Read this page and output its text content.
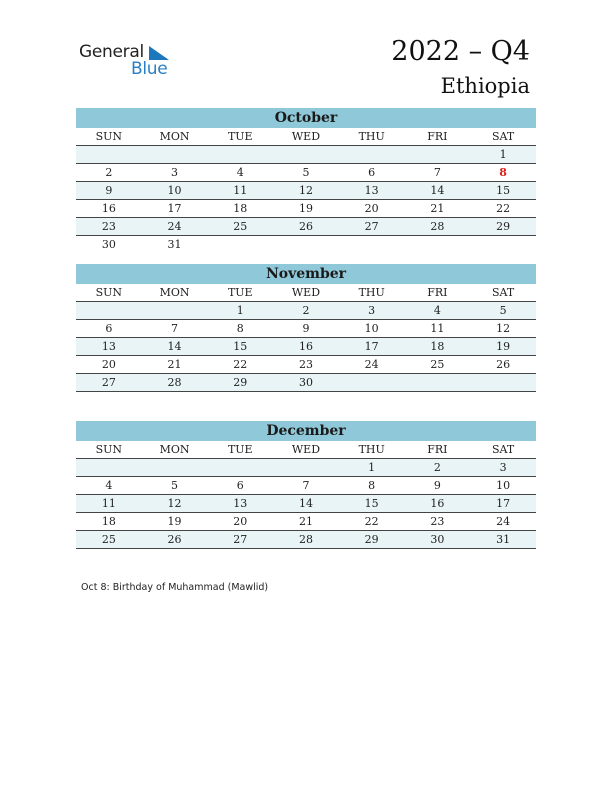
General
Blue
2022 – Q4
Ethiopia
October
SUN	MON	TUE	WED	THU	FRI	SAT
						1
2	3	4	5	6	7	8
9	10	11	12	13	14	15
16	17	18	19	20	21	22
23	24	25	26	27	28	29
30	31					
November
SUN	MON	TUE	WED	THU	FRI	SAT
		1	2	3	4	5
6	7	8	9	10	11	12
13	14	15	16	17	18	19
20	21	22	23	24	25	26
27	28	29	30			
December
SUN	MON	TUE	WED	THU	FRI	SAT
				1	2	3
4	5	6	7	8	9	10
11	12	13	14	15	16	17
18	19	20	21	22	23	24
25	26	27	28	29	30	31
Oct 8: Birthday of Muhammad (Mawlid)
